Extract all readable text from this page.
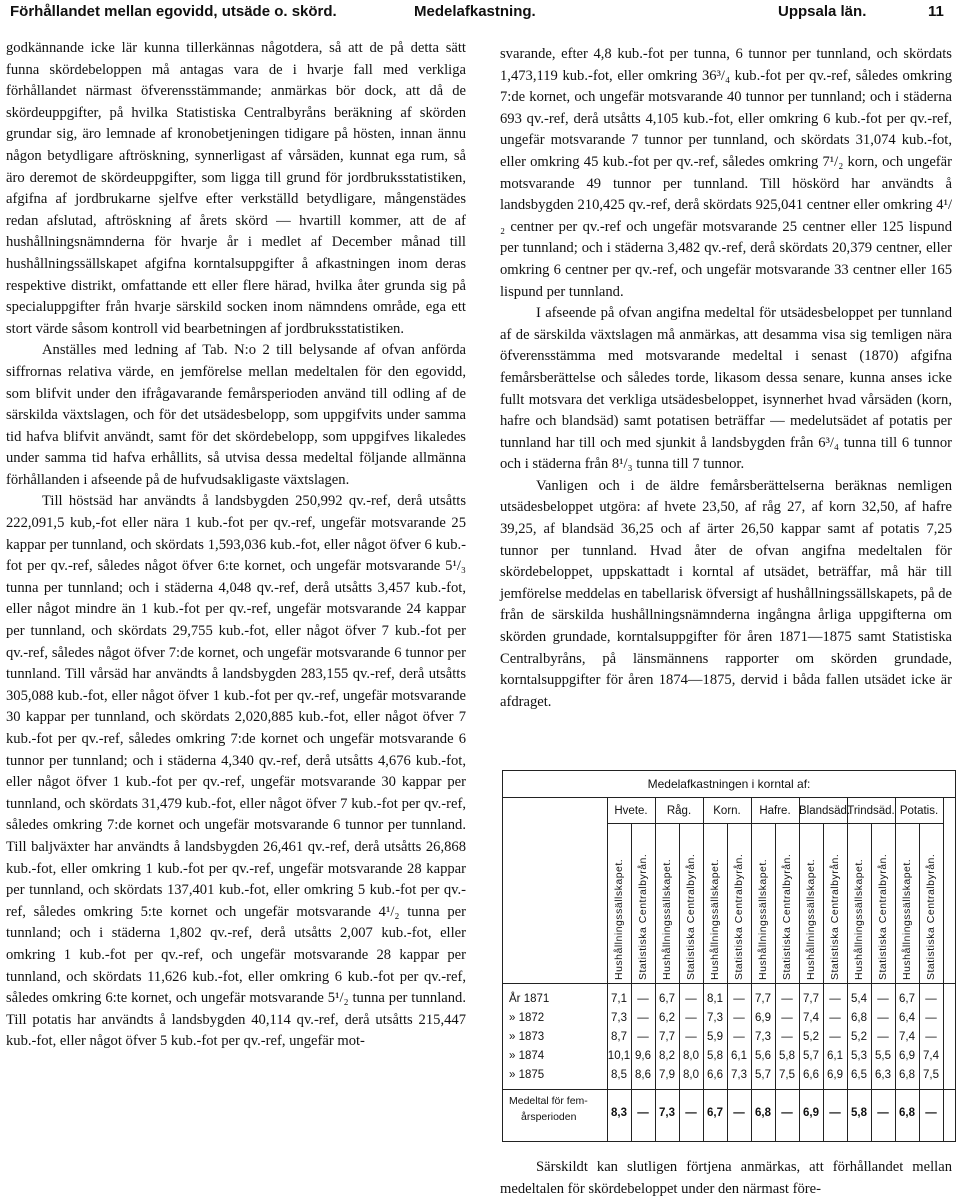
Förhållandet mellan egovidd, utsäde o. skörd.	Medelafkastning.	Uppsala län.	11

godkännande icke lär kunna tillerkännas någotdera, så att de på detta sätt funna skördebeloppen må antagas vara de i hvarje fall med verkliga förhållandet närmast öfverensstämmande; anmärkas bör dock, att då de skördeuppgifter, på hvilka Statistiska Centralbyråns beräkning af skörden grundar sig, äro lemnade af kronobetjeningen tidigare på hösten, innan ännu någon betydligare aftröskning, synnerligast af vårsäden, kunnat ega rum, så äro deremot de skördeuppgifter, som ligga till grund för jordbruksstatistiken, afgifna af jordbrukarne sjelfve efter verkställd betydligare, mångenstädes redan afslutad, aftröskning af årets skörd — hvartill kommer, att de af hushållningsnämnderna för hvarje år i medlet af December månad till hushållningssällskapet afgifna korntalsuppgifter å afkastningen inom deras respektive distrikt, omfattande ett eller flere härad, hvilka åter grunda sig på specialuppgifter från hvarje särskild socken inom nämndens område, ega ett stort värde såsom kontroll vid bearbetningen af jordbruksstatistiken.

Anställes med ledning af Tab. N:o 2 till belysande af ofvan anförda siffrornas relativa värde, en jemförelse mellan medeltalen för den egovidd, som blifvit under den ifrågavarande femårsperioden använd till odling af de särskilda växtslagen, och för det utsädesbelopp, som uppgifvits under samma tid hafva blifvit användt, samt för det skördebelopp, som uppgifves likaledes under samma tid hafva erhållits, så utvisa dessa medeltal följande allmänna förhållanden i afseende på de hufvudsakligaste växtslagen.

Till höstsäd har användts å landsbygden 250,992 qv.-ref, derå utsåtts 222,091,5 kub,-fot eller nära 1 kub.-fot per qv.-ref, ungefär motsvarande 25 kappar per tunnland, och skördats 1,593,036 kub.-fot, eller något öfver 6 kub.-fot per qv.-ref, således något öfver 6:te kornet, och ungefär motsvarande 5¹/₃ tunna per tunnland; och i städerna 4,048 qv.-ref, derå utsåtts 3,457 kub.-fot, eller något mindre än 1 kub.-fot per qv.-ref, ungefär motsvarande 24 kappar per tunnland, och skördats 29,755 kub.-fot, eller något öfver 7 kub.-fot per qv.-ref, således något öfver 7:de kornet, och ungefär motsvarande 6 tunnor per tunnland. Till vårsäd har användts å landsbygden 283,155 qv.-ref, derå utsåtts 305,088 kub.-fot, eller något öfver 1 kub.-fot per qv.-ref, ungefär motsvarande 30 kappar per tunnland, och skördats 2,020,885 kub.-fot, eller något öfver 7 kub.-fot per qv.-ref, således omkring 7:de kornet och ungefär motsvarande 6 tunnor per tunnland; och i städerna 4,340 qv.-ref, derå utsåtts 4,676 kub.-fot, eller något öfver 1 kub.-fot per qv.-ref, ungefär motsvarande 30 kappar per tunnland, och skördats 31,479 kub.-fot, eller något öfver 7 kub.-fot per qv.-ref, således omkring 7:de kornet och ungefär motsvarande 6 tunnor per tunnland. Till baljväxter har användts å landsbygden 26,461 qv.-ref, derå utsåtts 26,868 kub.-fot, eller omkring 1 kub.-fot per qv.-ref, ungefär motsvarande 28 kappar per tunnland, och skördats 137,401 kub.-fot, eller omkring 5 kub.-fot per qv.-ref, således omkring 5:te kornet och ungefär motsvarande 4¹/₂ tunna per tunnland; och i städerna 1,802 qv.-ref, derå utsåtts 2,007 kub.-fot, eller omkring 1 kub.-fot per qv.-ref, och ungefär motsvarande 28 kappar per tunnland, och skördats 11,626 kub.-fot, eller omkring 6 kub.-fot per qv.-ref, således omkring 6:te kornet, och ungefär motsvarande 5¹/₂ tunna per tunnland. Till potatis har användts å landsbygden 40,114 qv.-ref, derå utsåtts 215,447 kub.-fot, eller något öfver 5 kub.-fot per qv.-ref, ungefär mot-

svarande, efter 4,8 kub.-fot per tunna, 6 tunnor per tunnland, och skördats 1,473,119 kub.-fot, eller omkring 36³/₄ kub.-fot per qv.-ref, således omkring 7:de kornet, och ungefär motsvarande 40 tunnor per tunnland; och i städerna 693 qv.-ref, derå utsåtts 4,105 kub.-fot, eller omkring 6 kub.-fot per qv.-ref, ungefär motsvarande 7 tunnor per tunnland, och skördats 31,074 kub.-fot, eller omkring 45 kub.-fot per qv.-ref, således omkring 7¹/₂ korn, och ungefär motsvarande 49 tunnor per tunnland. Till höskörd har användts å landsbygden 210,425 qv.-ref, derå skördats 925,041 centner eller omkring 4¹/₂ centner per qv.-ref och ungefär motsvarande 25 centner eller 125 lispund per tunnland; och i städerna 3,482 qv.-ref, derå skördats 20,379 centner, eller omkring 6 centner per qv.-ref, och ungefär motsvarande 33 centner eller 165 lispund per tunnland.

I afseende på ofvan angifna medeltal för utsädesbeloppet per tunnland af de särskilda växtslagen må anmärkas, att desamma visa sig temligen nära öfverensstämma med motsvarande medeltal i senast (1870) afgifna femårsberättelse och således torde, likasom dessa senare, kunna anses icke fullt motsvara det verkliga utsädesbeloppet, isynnerhet hvad vårsäden (korn, hafre och blandsäd) samt potatisen beträffar — medelutsädet af potatis per tunnland har till och med sjunkit å landsbygden från 6³/₄ tunna till 6 tunnor och i städerna från 8¹/₃ tunna till 7 tunnor.

Vanligen och i de äldre femårsberättelserna beräknas nemligen utsädesbeloppet utgöra: af hvete 23,50, af råg 27, af korn 32,50, af hafre 39,25, af blandsäd 36,25 och af ärter 26,50 kappar samt af potatis 7,25 tunnor per tunnland. Hvad åter de ofvan angifna medeltalen för skördebeloppet, uppskattadt i korntal af utsädet, beträffar, må här till jemförelse meddelas en tabellarisk öfversigt af hushållningssällskapets, på de från de särskilda hushållningsnämnderna ingångna årliga uppgifterna om skörden grundade, korntalsuppgifter för åren 1871—1875 samt Statistiska Centralbyråns, på länsmännens rapporter om skörden grundade, korntalsuppgifter för åren 1874—1875, dervid i båda fallen utsädet icke är afdraget.

Medelafkastningen i korntal af:
Hvete.	Råg.	Korn.	Hafre. Blandsäd.
Trindsäd. Potatis.
Hushållningssällskapet. Statistiska Centralbyrån. Hushållningssällskapet. Statistiska Centralbyrån. Hushållningssällskapet. Statistiska Centralbyrån. Hushållningssällskapet. Statistiska Centralbyrån. Hushållningssällskapet. Statistiska Centralbyrån. Hushållningssällskapet. Statistiska Centralbyrån. Hushållningssällskapet. Statistiska Centralbyrån.
År 1871	7,1 — 6,7 — 8,1 — 7,7 — 7,7 — 5,4 — 6,7 —
» 1872	7,3 — 6,2 — 7,3 — 6,9 — 7,4 — 6,8 — 6,4 —
» 1873	8,7 — 7,7 — 5,9 — 7,3 — 5,2 — 5,2 — 7,4 —
» 1874	10,1 9,6 8,2 8,0 5,8 6,1 5,6 5,8 5,7 6,1 5,3 5,5 6,9 7,4
» 1875	8,5 8,6 7,9 8,0 6,6 7,3 5,7 7,5 6,6 6,9 6,5 6,3 6,8 7,5
Medeltal för fem-
årsperioden	8,3 — 7,3 — 6,7 — 6,8 — 6,9 — 5,8 — 6,8 —

Särskildt kan slutligen förtjena anmärkas, att förhållandet mellan medeltalen för skördebeloppet under den närmast före-
